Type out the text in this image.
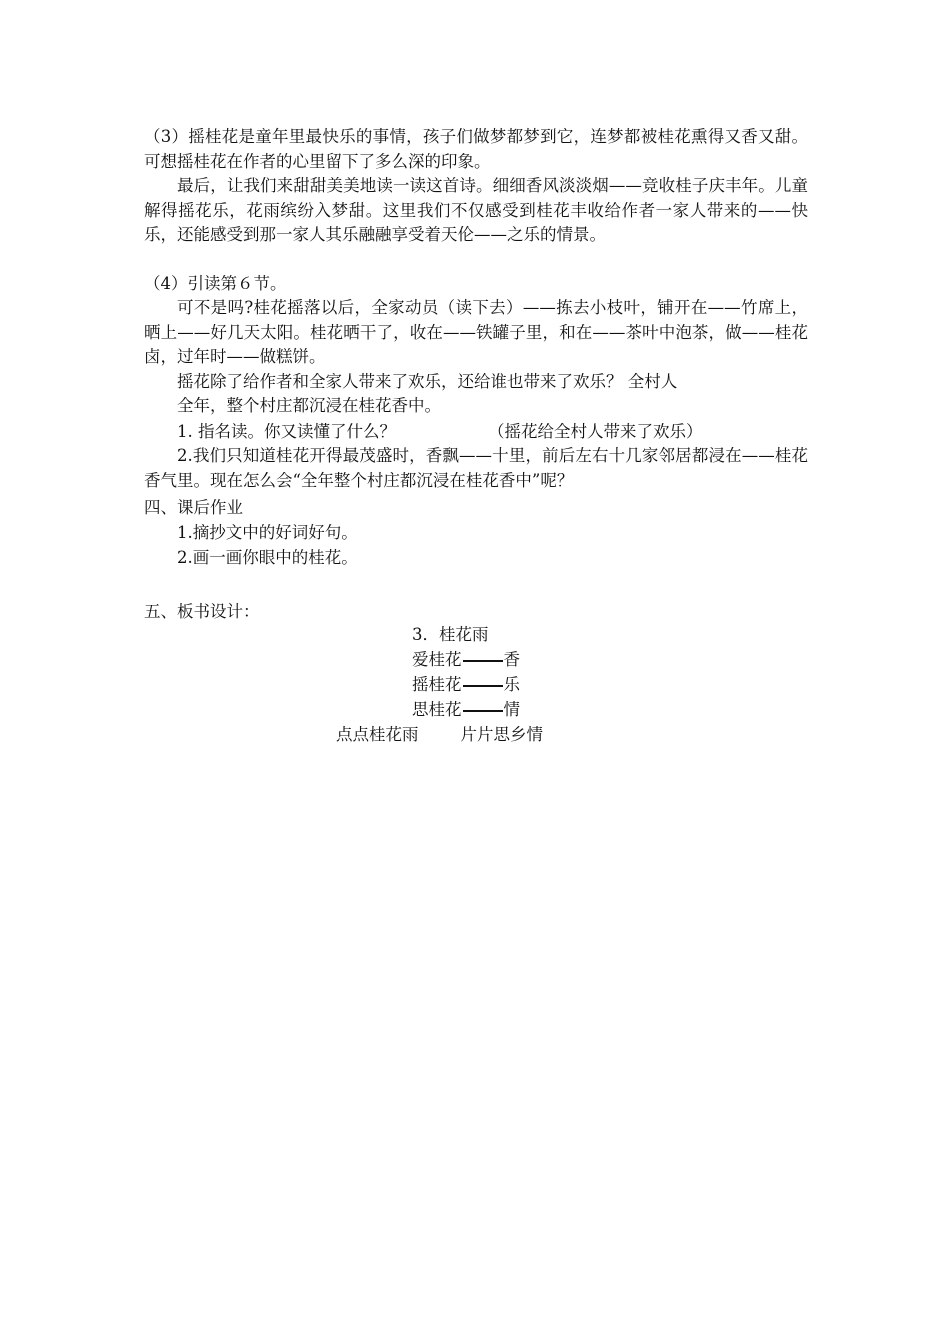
（3）摇桂花是童年里最快乐的事情，孩子们做梦都梦到它，连梦都被桂花熏得又香又甜。可想摇桂花在作者的心里留下了多么深的印象。
最后，让我们来甜甜美美地读一读这首诗。细细香风淡淡烟——竞收桂子庆丰年。儿童解得摇花乐，花雨缤纷入梦甜。这里我们不仅感受到桂花丰收给作者一家人带来的——快乐，还能感受到那一家人其乐融融享受着天伦——之乐的情景。
（4）引读第６节。
可不是吗?桂花摇落以后，全家动员（读下去）——拣去小枝叶，铺开在——竹席上，晒上——好几天太阳。桂花晒干了，收在——铁罐子里，和在——茶叶中泡茶，做——桂花卤，过年时——做糕饼。
摇花除了给作者和全家人带来了欢乐，还给谁也带来了欢乐？ 全村人
全年，整个村庄都沉浸在桂花香中。
1. 指名读。你又读懂了什么？	（摇花给全村人带来了欢乐）
2.我们只知道桂花开得最茂盛时，香飘——十里，前后左右十几家邻居都浸在——桂花香气里。现在怎么会“全年整个村庄都沉浸在桂花香中”呢？
四、课后作业
1.摘抄文中的好词好句。
2.画一画你眼中的桂花。
五、板书设计：
3．桂花雨
爱桂花	香
摇桂花	乐
思桂花	情
点点桂花雨	片片思乡情
